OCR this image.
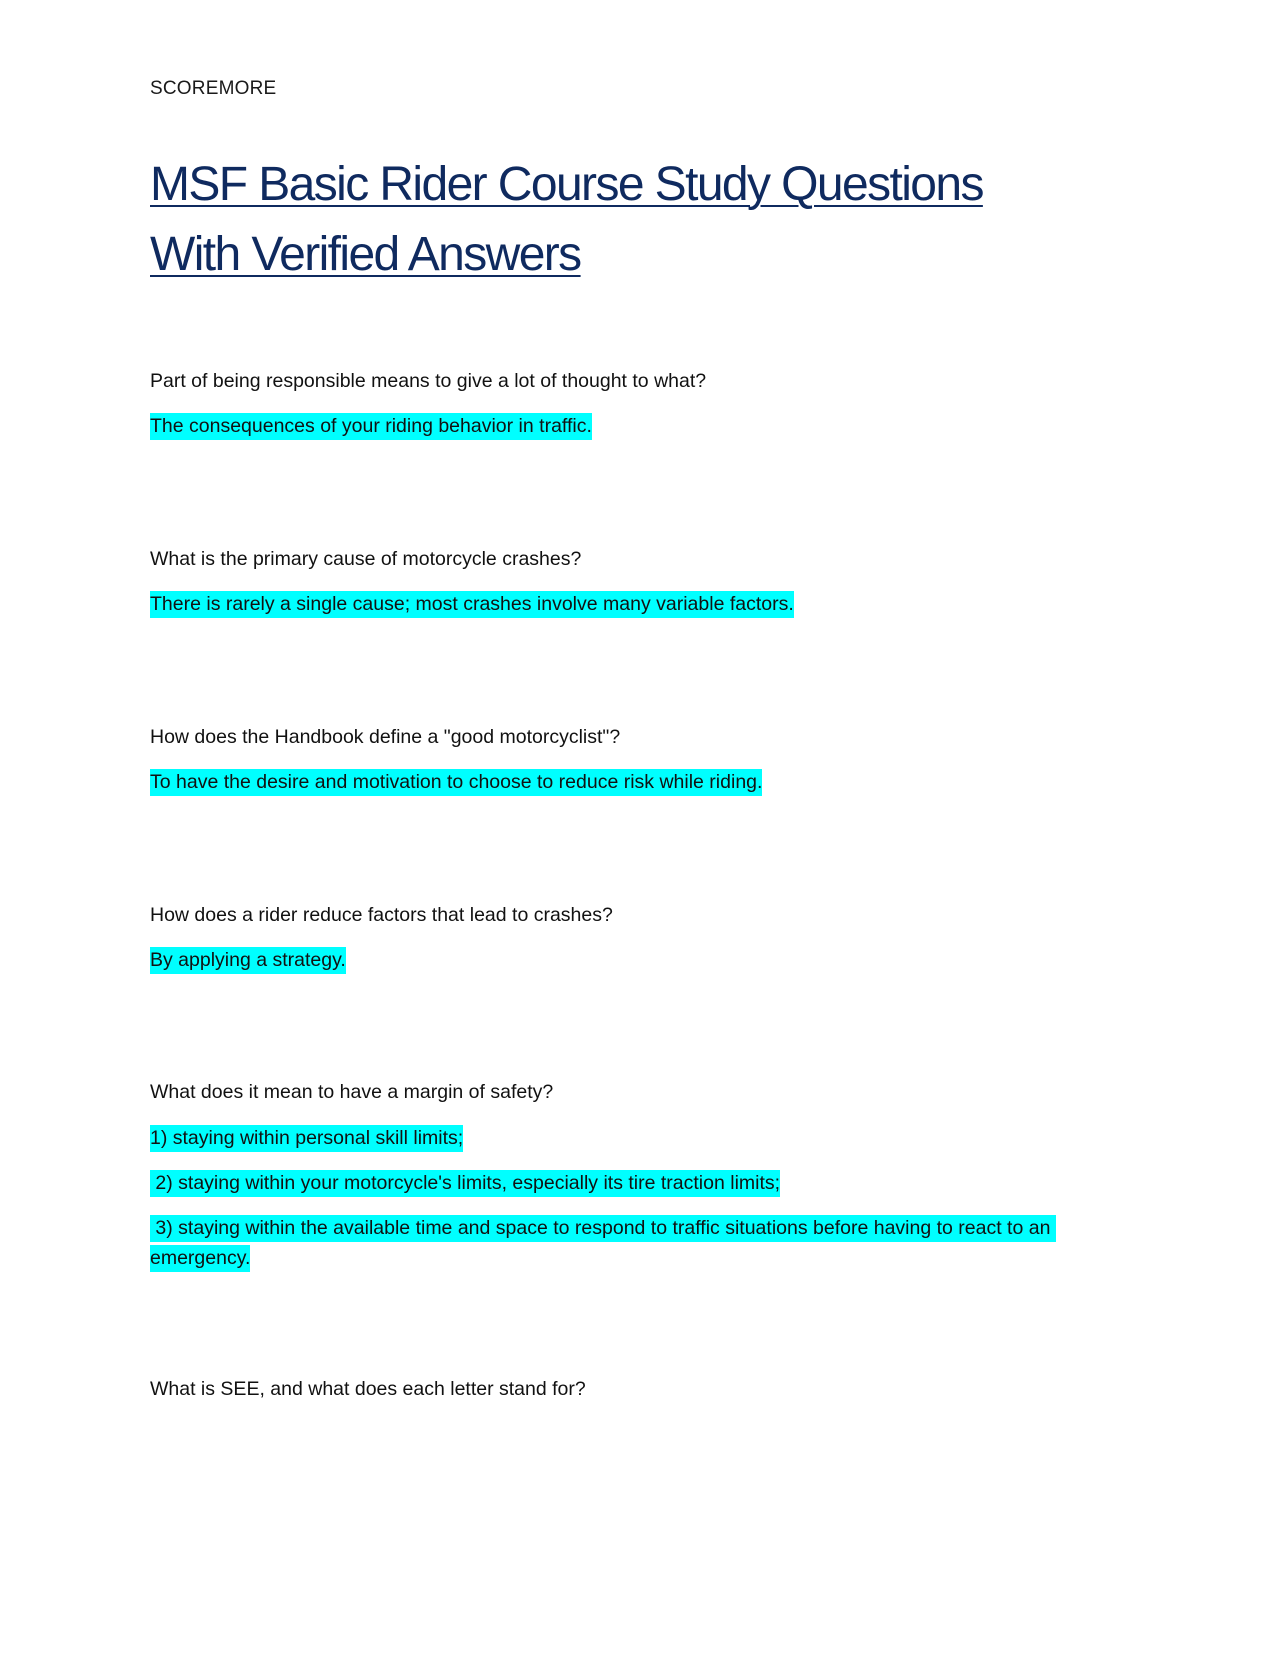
SCOREMORE
MSF Basic Rider Course Study Questions
With Verified Answers
Part of being responsible means to give a lot of thought to what?
The consequences of your riding behavior in traffic.
What is the primary cause of motorcycle crashes?
There is rarely a single cause; most crashes involve many variable factors.
How does the Handbook define a "good motorcyclist"?
To have the desire and motivation to choose to reduce risk while riding.
How does a rider reduce factors that lead to crashes?
By applying a strategy.
What does it mean to have a margin of safety?
1) staying within personal skill limits;
2) staying within your motorcycle's limits, especially its tire traction limits;
3) staying within the available time and space to respond to traffic situations before having to react to an emergency.
What is SEE, and what does each letter stand for?
